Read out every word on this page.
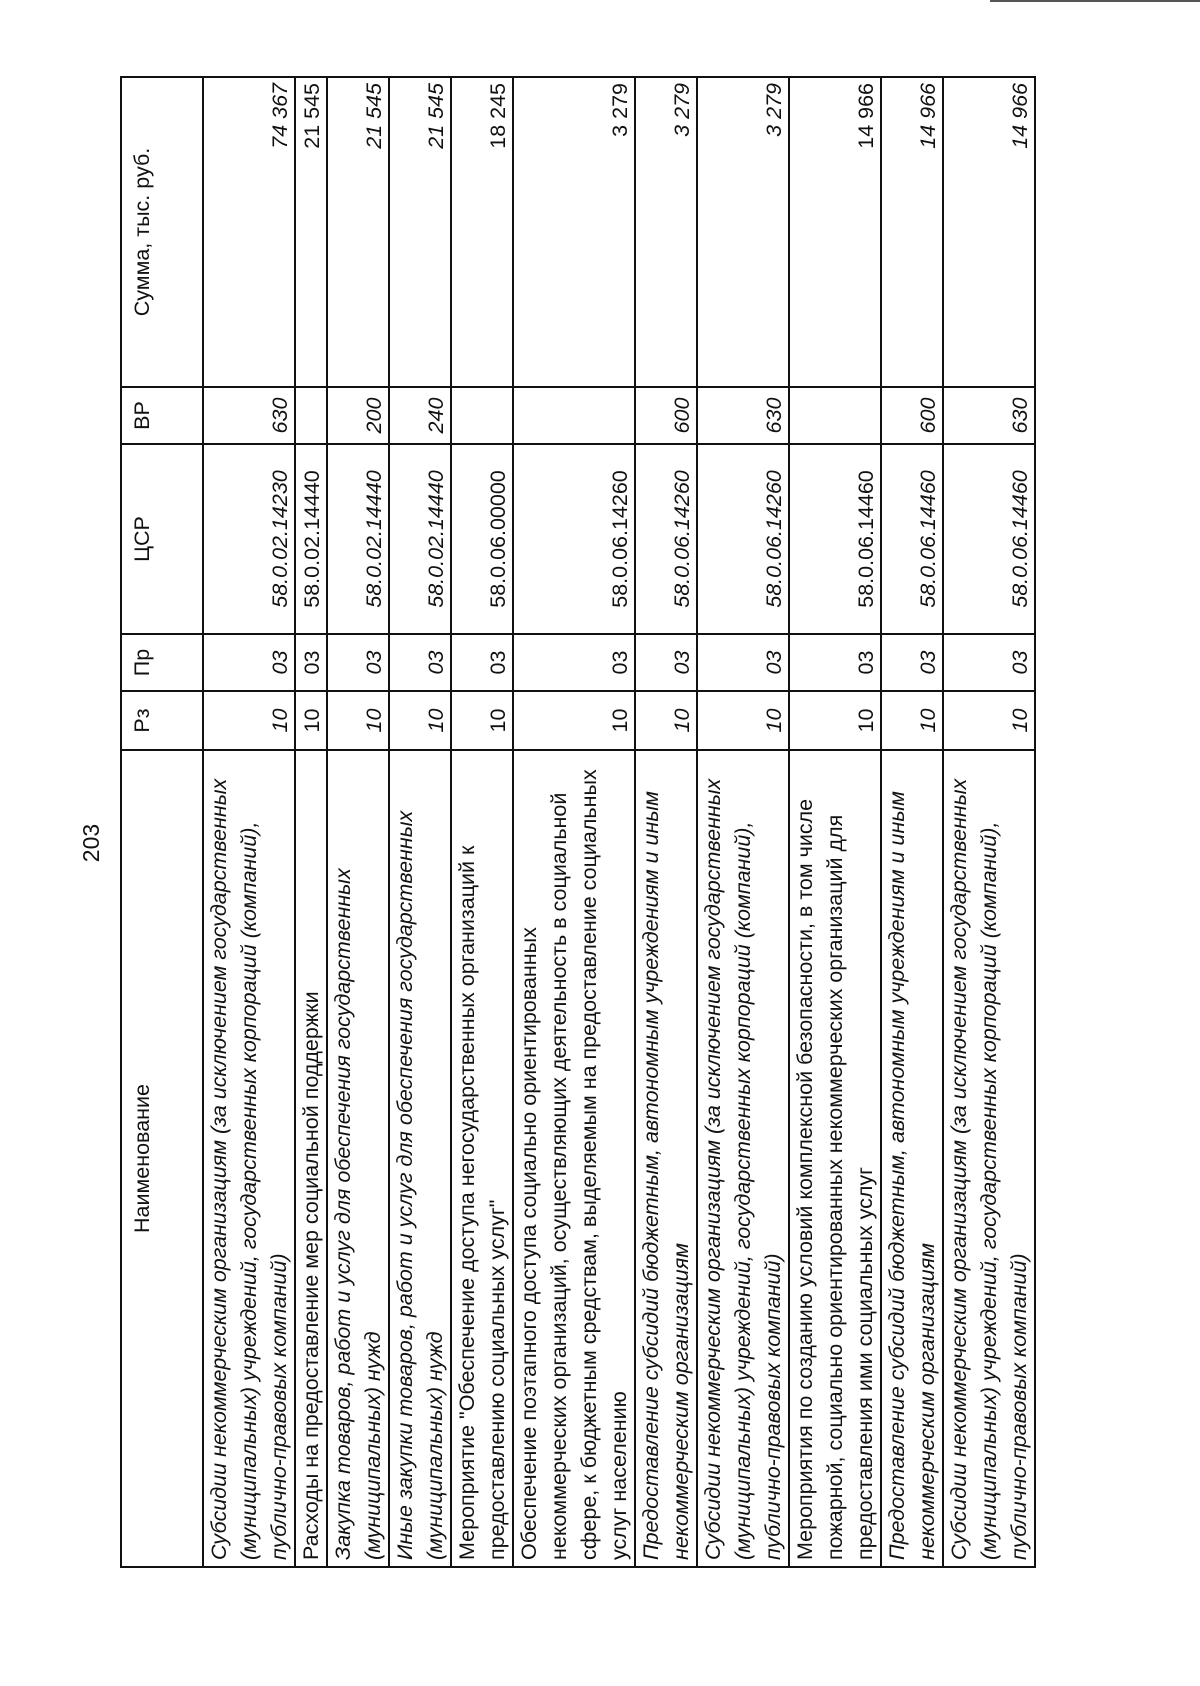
203
Наименование	Рз	Пр	ЦСР	ВР	Сумма, тыс. руб.
Субсидии некоммерческим организациям (за исключением государственных (муниципальных) учреждений, государственных корпораций (компаний), публично-правовых компаний)	10	03	58.0.02.14230	630	74 367
Расходы на предоставление мер социальной поддержки	10	03	58.0.02.14440		21 545
Закупка товаров, работ и услуг для обеспечения государственных (муниципальных) нужд	10	03	58.0.02.14440	200	21 545
Иные закупки товаров, работ и услуг для обеспечения государственных (муниципальных) нужд	10	03	58.0.02.14440	240	21 545
Мероприятие "Обеспечение доступа негосударственных организаций к предоставлению социальных услуг"	10	03	58.0.06.00000		18 245
Обеспечение поэтапного доступа социально ориентированных некоммерческих организаций, осуществляющих деятельность в социальной сфере, к бюджетным средствам, выделяемым на предоставление социальных услуг населению	10	03	58.0.06.14260		3 279
Предоставление субсидий бюджетным, автономным учреждениям и иным некоммерческим организациям	10	03	58.0.06.14260	600	3 279
Субсидии некоммерческим организациям (за исключением государственных (муниципальных) учреждений, государственных корпораций (компаний), публично-правовых компаний)	10	03	58.0.06.14260	630	3 279
Мероприятия по созданию условий комплексной безопасности, в том числе пожарной, социально ориентированных некоммерческих организаций для предоставления ими социальных услуг	10	03	58.0.06.14460		14 966
Предоставление субсидий бюджетным, автономным учреждениям и иным некоммерческим организациям	10	03	58.0.06.14460	600	14 966
Субсидии некоммерческим организациям (за исключением государственных (муниципальных) учреждений, государственных корпораций (компаний), публично-правовых компаний)	10	03	58.0.06.14460	630	14 966
